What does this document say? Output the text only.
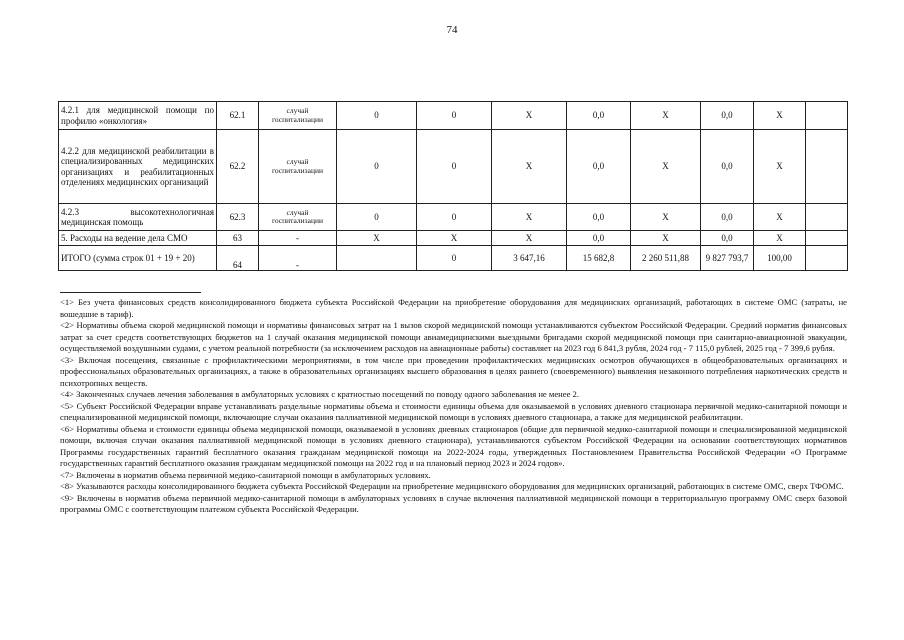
74
4.2.1 для медицинской помощи по профилю «онкология»	62.1	случай госпитализации	0	0	Х	0,0	Х	0,0	Х	
4.2.2 для медицинской реабилитации в специализированных медицинских организациях и реабилитационных отделениях медицинских организаций	62.2	случай госпитализации	0	0	Х	0,0	Х	0,0	Х	
4.2.3 высокотехнологичная медицинская помощь	62.3	случай госпитализации	0	0	Х	0,0	Х	0,0	Х	
5. Расходы на ведение дела СМО	63	-	Х	Х	Х	0,0	Х	0,0	Х	
ИТОГО (сумма строк 01 + 19 + 20)	64	-		0	3 647,16	15 682,8	2 260 511,88	9 827 793,7	100,00	

<1> Без учета финансовых средств консолидированного бюджета субъекта Российской Федерации на приобретение оборудования для медицинских организаций, работающих в системе ОМС (затраты, не вошедшие в тариф).

<2> Нормативы объема скорой медицинской помощи и нормативы финансовых затрат на 1 вызов скорой медицинской помощи устанавливаются субъектом Российской Федерации. Средний норматив финансовых затрат за счет средств соответствующих бюджетов на 1 случай оказания медицинской помощи авиамедицинскими выездными бригадами скорой медицинской помощи при санитарно-авиационной эвакуации, осуществляемой воздушными судами, с учетом реальной потребности (за исключением расходов на авиационные работы) составляет на 2023 год 6 841,3 рубля, 2024 год - 7 115,0 рублей, 2025 год - 7 399,6 рубля.

<3> Включая посещения, связанные с профилактическими мероприятиями, в том числе при проведении профилактических медицинских осмотров обучающихся в общеобразовательных организациях и профессиональных образовательных организациях, а также в образовательных организациях высшего образования в целях раннего (своевременного) выявления незаконного потребления наркотических средств и психотропных веществ.

<4> Законченных случаев лечения заболевания в амбулаторных условиях с кратностью посещений по поводу одного заболевания не менее 2.

<5> Субъект Российской Федерации вправе устанавливать раздельные нормативы объема и стоимости единицы объема для оказываемой в условиях дневного стационара первичной медико-санитарной помощи и специализированной медицинской помощи, включающие случаи оказания паллиативной медицинской помощи в условиях дневного стационара, а также для медицинской реабилитации.

<6> Нормативы объема и стоимости единицы объема медицинской помощи, оказываемой в условиях дневных стационаров (общие для первичной медико-санитарной помощи и специализированной медицинской помощи, включая случаи оказания паллиативной медицинской помощи в условиях дневного стационара), устанавливаются субъектом Российской Федерации на основании соответствующих нормативов Программы государственных гарантий бесплатного оказания гражданам медицинской помощи на 2022-2024 годы, утвержденных Постановлением Правительства Российской Федерации «О Программе государственных гарантий бесплатного оказания гражданам медицинской помощи на 2022 год и на плановый период 2023 и 2024 годов».

<7> Включены в норматив объема первичной медико-санитарной помощи в амбулаторных условиях.

<8> Указываются расходы консолидированного бюджета субъекта Российской Федерации на приобретение медицинского оборудования для медицинских организаций, работающих в системе ОМС, сверх ТФОМС.

<9> Включены в норматив объема первичной медико-санитарной помощи в амбулаторных условиях в случае включения паллиативной медицинской помощи в территориальную программу ОМС сверх базовой программы ОМС с соответствующим платежом субъекта Российской Федерации.
